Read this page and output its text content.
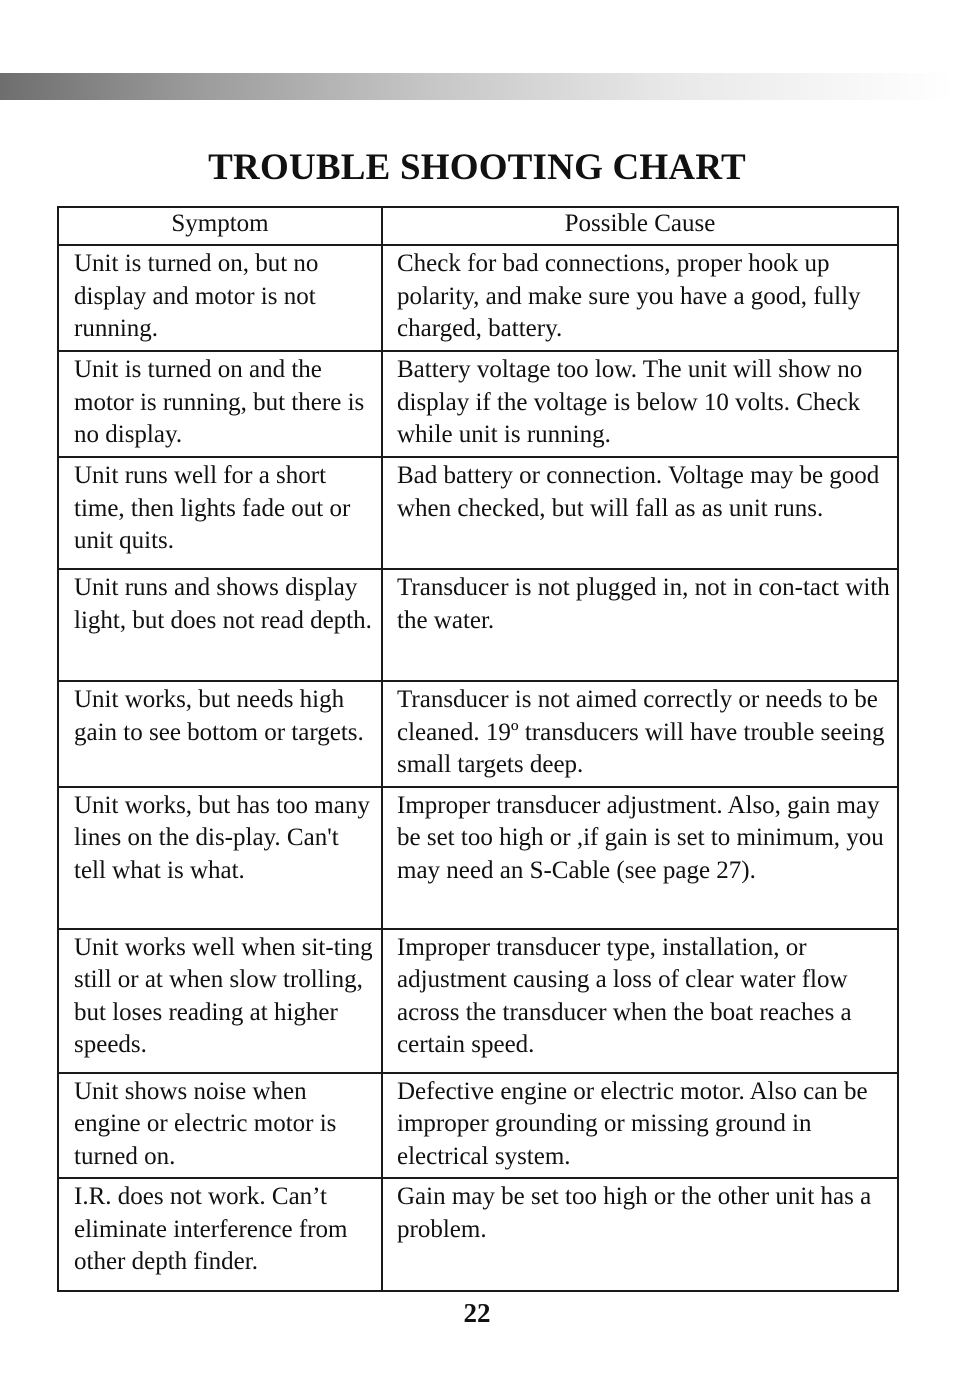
TROUBLE SHOOTING CHART
Symptom	Possible Cause
Unit is turned on, but no display and motor is not running.	Check for bad connections, proper hook up polarity, and make sure you have a good, fully charged, battery.
Unit is turned on and the motor is running, but there is no display.	Battery voltage too low. The unit will show no display if the voltage is below 10 volts. Check while unit is running.
Unit runs well for a short time, then lights fade out or unit quits.	Bad battery or connection. Voltage may be good when checked, but will fall as as unit runs.
Unit runs and shows display light, but does not read depth.	Transducer is not plugged in, not in con-tact with the water.
Unit works, but needs high gain to see bottom or targets.	Transducer is not aimed correctly or needs to be cleaned. 19º transducers will have trouble seeing small targets deep.
Unit works, but has too many lines on the dis-play. Can't tell what is what.	Improper transducer adjustment. Also, gain may be set too high or ,if gain is set to minimum, you may need an S-Cable (see page 27).
Unit works well when sit-ting still or at when slow trolling, but loses reading at higher speeds.	Improper transducer type, installation, or adjustment causing a loss of clear water flow across the transducer when the boat reaches a certain speed.
Unit shows noise when engine or electric motor is turned on.	Defective engine or electric motor. Also can be improper grounding or missing ground in electrical system.
I.R. does not work. Can’t eliminate interference from other depth finder.	Gain may be set too high or the other unit has a problem.
22
